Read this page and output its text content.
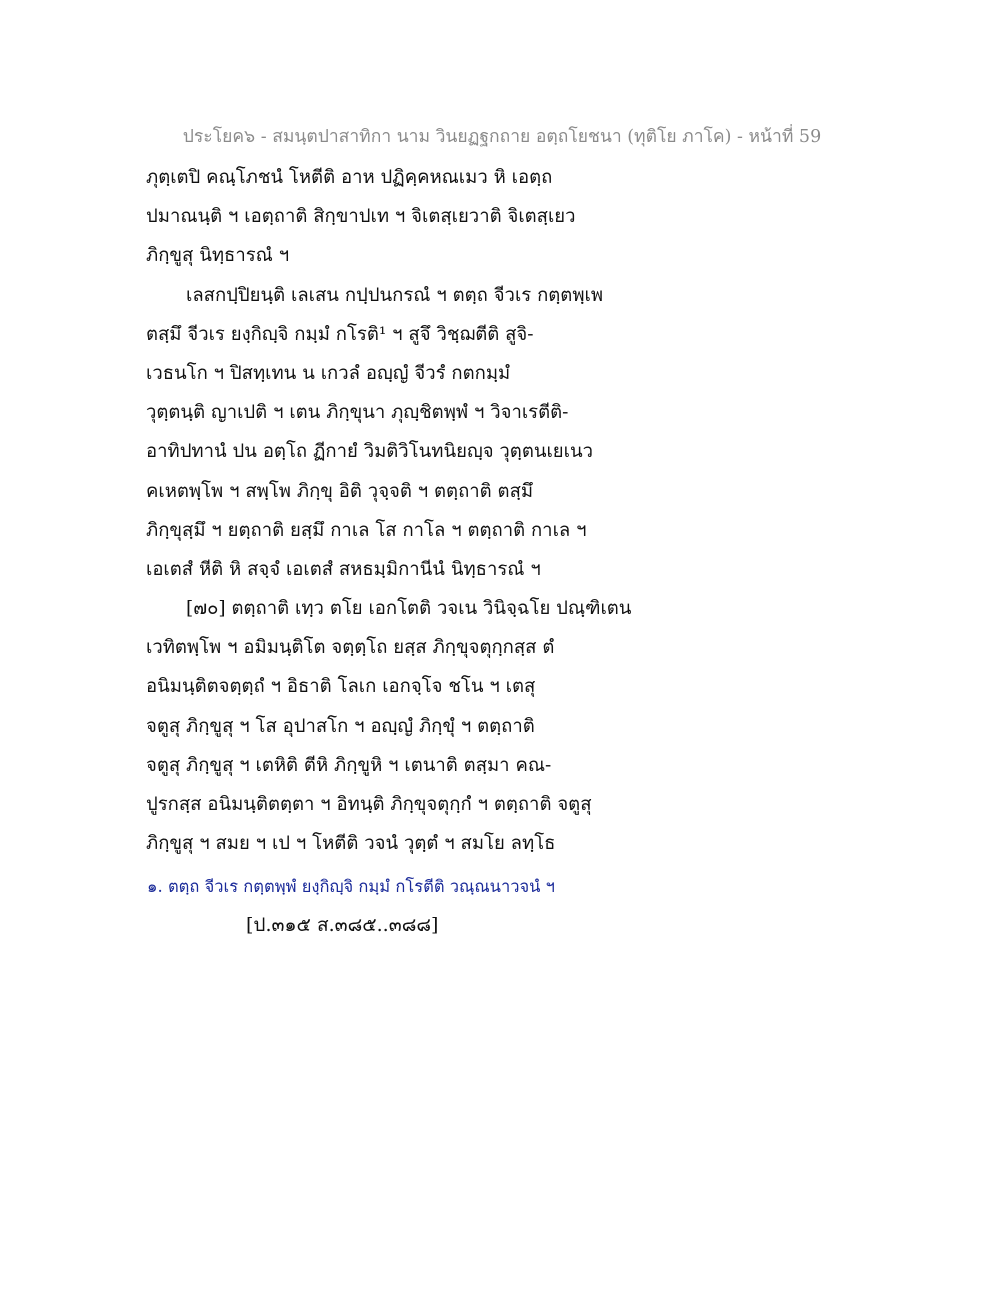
ประโยค๖ - สมนฺตปาสาทิกา นาม วินยฏฐกถาย อตฺถโยชนา (ทุติโย ภาโค) - หน้าที่ 59
ภุตฺเตปิ คณฺโภชนํ โหตีติ อาห ปฏิคฺคหณเมว หิ เอตฺถ
ปมาณนฺติ ฯ เอตฺถาติ สิกฺขาปเท ฯ จิเตสฺเยวาติ จิเตสฺเยว
ภิกฺขูสุ นิทฺธารณํ ฯ
เลสกปฺปิยนฺติ เลเสน กปฺปนกรณํ ฯ ตตฺถ จีวเร กตฺตพฺเพ
ตสฺมึ จีวเร ยงฺกิญฺจิ กมฺมํ กโรติ¹ ฯ สูจึ วิชฺฌตีติ สูจิ-
เวธนโก ฯ ปิสทฺเทน น เกวลํ อญฺญํ จีวรํ กตกมฺมํ
วุตฺตนฺติ ญาเปติ ฯ เตน ภิกฺขุนา ภุญฺชิตพฺพํ ฯ วิจาเรตีติ-
อาทิปทานํ ปน อตฺโถ ฏีกายํ วิมติวิโนทนิยญฺจ วุตฺตนเยเนว
คเหตพฺโพ ฯ สพฺโพ ภิกฺขุ อิติ วุจฺจติ ฯ ตตฺถาติ ตสฺมึ
ภิกฺขุสฺมึ ฯ ยตฺถาติ ยสฺมึ กาเล โส กาโล ฯ ตตฺถาติ กาเล ฯ
เอเตสํ หีติ หิ สจฺจํ เอเตสํ สหธมฺมิกานีนํ นิทฺธารณํ ฯ
[๗๐] ตตฺถาติ เทฺว ตโย เอกโตติ วจเน วินิจฺฉโย ปณฺฑิเตน
เวทิตพฺโพ ฯ อมิมนฺติโต จตฺตฺโถ ยสฺส ภิกฺขุจตุกฺกสฺส ตํ
อนิมนฺติตจตฺตฺถํ ฯ อิธาติ โลเก เอกจฺโจ ชโน ฯ เตสุ
จตูสุ ภิกฺขูสุ ฯ โส อุปาสโก ฯ อญฺญํ ภิกฺขุํ ฯ ตตฺถาติ
จตูสุ ภิกฺขูสุ ฯ เตหิติ ตีหิ ภิกฺขูหิ ฯ เตนาติ ตสฺมา คณ-
ปูรกสฺส อนิมนฺติตตฺตา ฯ อิทนฺติ ภิกฺขุจตุกฺกํ ฯ ตตฺถาติ จตูสุ
ภิกฺขูสุ ฯ สมย ฯ เป ฯ โหตีติ วจนํ วุตฺตํ ฯ สมโย ลทฺโธ
๑. ตตฺถ จีวเร กตฺตพฺพํ ยงฺกิญฺจิ กมฺมํ กโรตีติ วณฺณนาวจนํ ฯ
[ป.๓๑๕ ส.๓๘๕..๓๘๘]
